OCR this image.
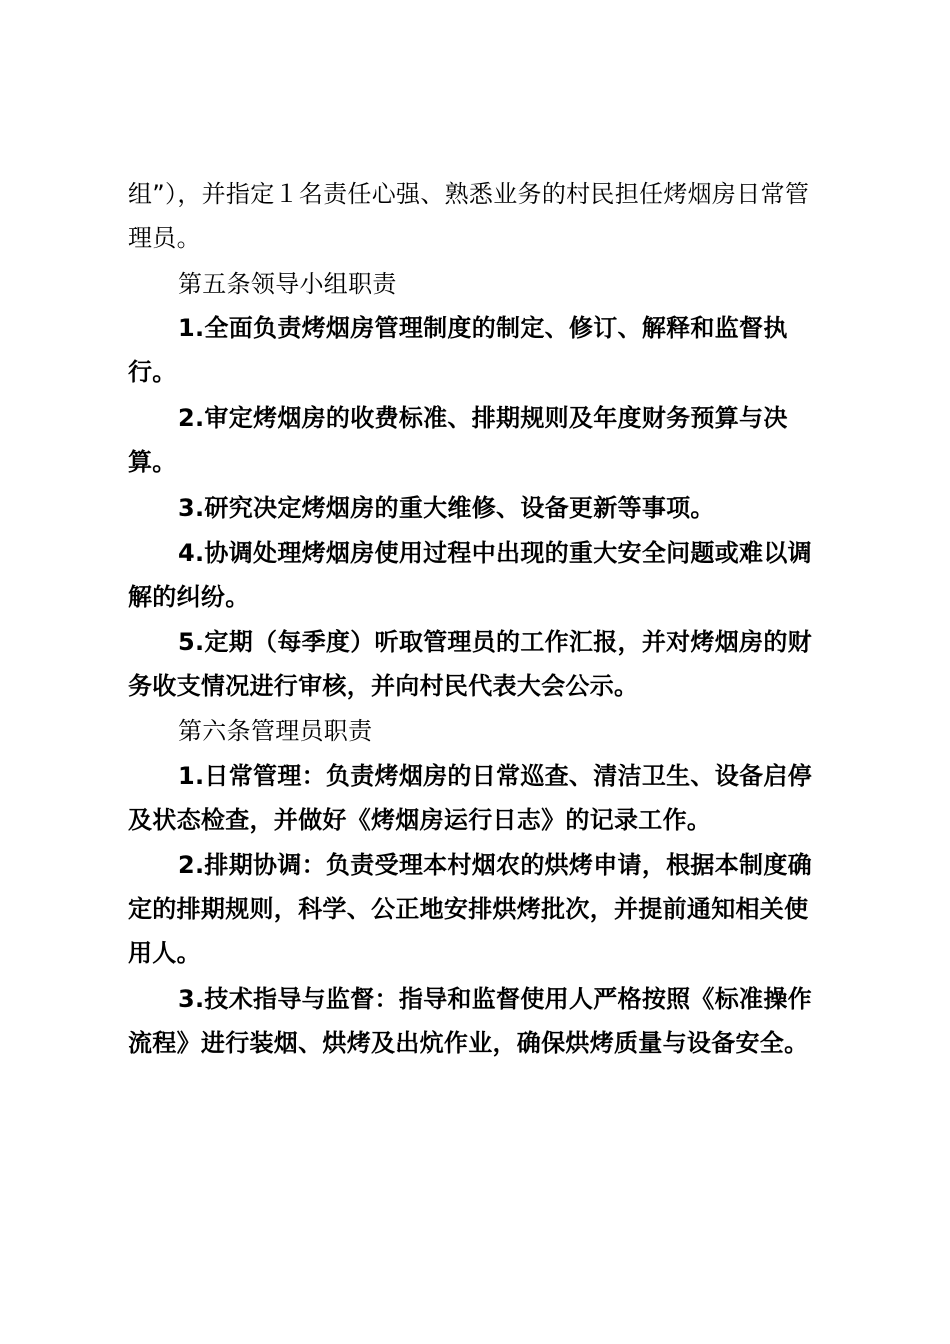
组”），并指定１名责任心强、熟悉业务的村民担任烤烟房日常管理员。

第五条领导小组职责

1.全面负责烤烟房管理制度的制定、修订、解释和监督执行。

2.审定烤烟房的收费标准、排期规则及年度财务预算与决算。

3.研究决定烤烟房的重大维修、设备更新等事项。

4.协调处理烤烟房使用过程中出现的重大安全问题或难以调解的纠纷。

5.定期（每季度）听取管理员的工作汇报，并对烤烟房的财务收支情况进行审核，并向村民代表大会公示。

第六条管理员职责

1.日常管理：负责烤烟房的日常巡查、清洁卫生、设备启停及状态检查，并做好《烤烟房运行日志》的记录工作。

2.排期协调：负责受理本村烟农的烘烤申请，根据本制度确定的排期规则，科学、公正地安排烘烤批次，并提前通知相关使用人。

3.技术指导与监督：指导和监督使用人严格按照《标准操作流程》进行装烟、烘烤及出炕作业，确保烘烤质量与设备安全。
